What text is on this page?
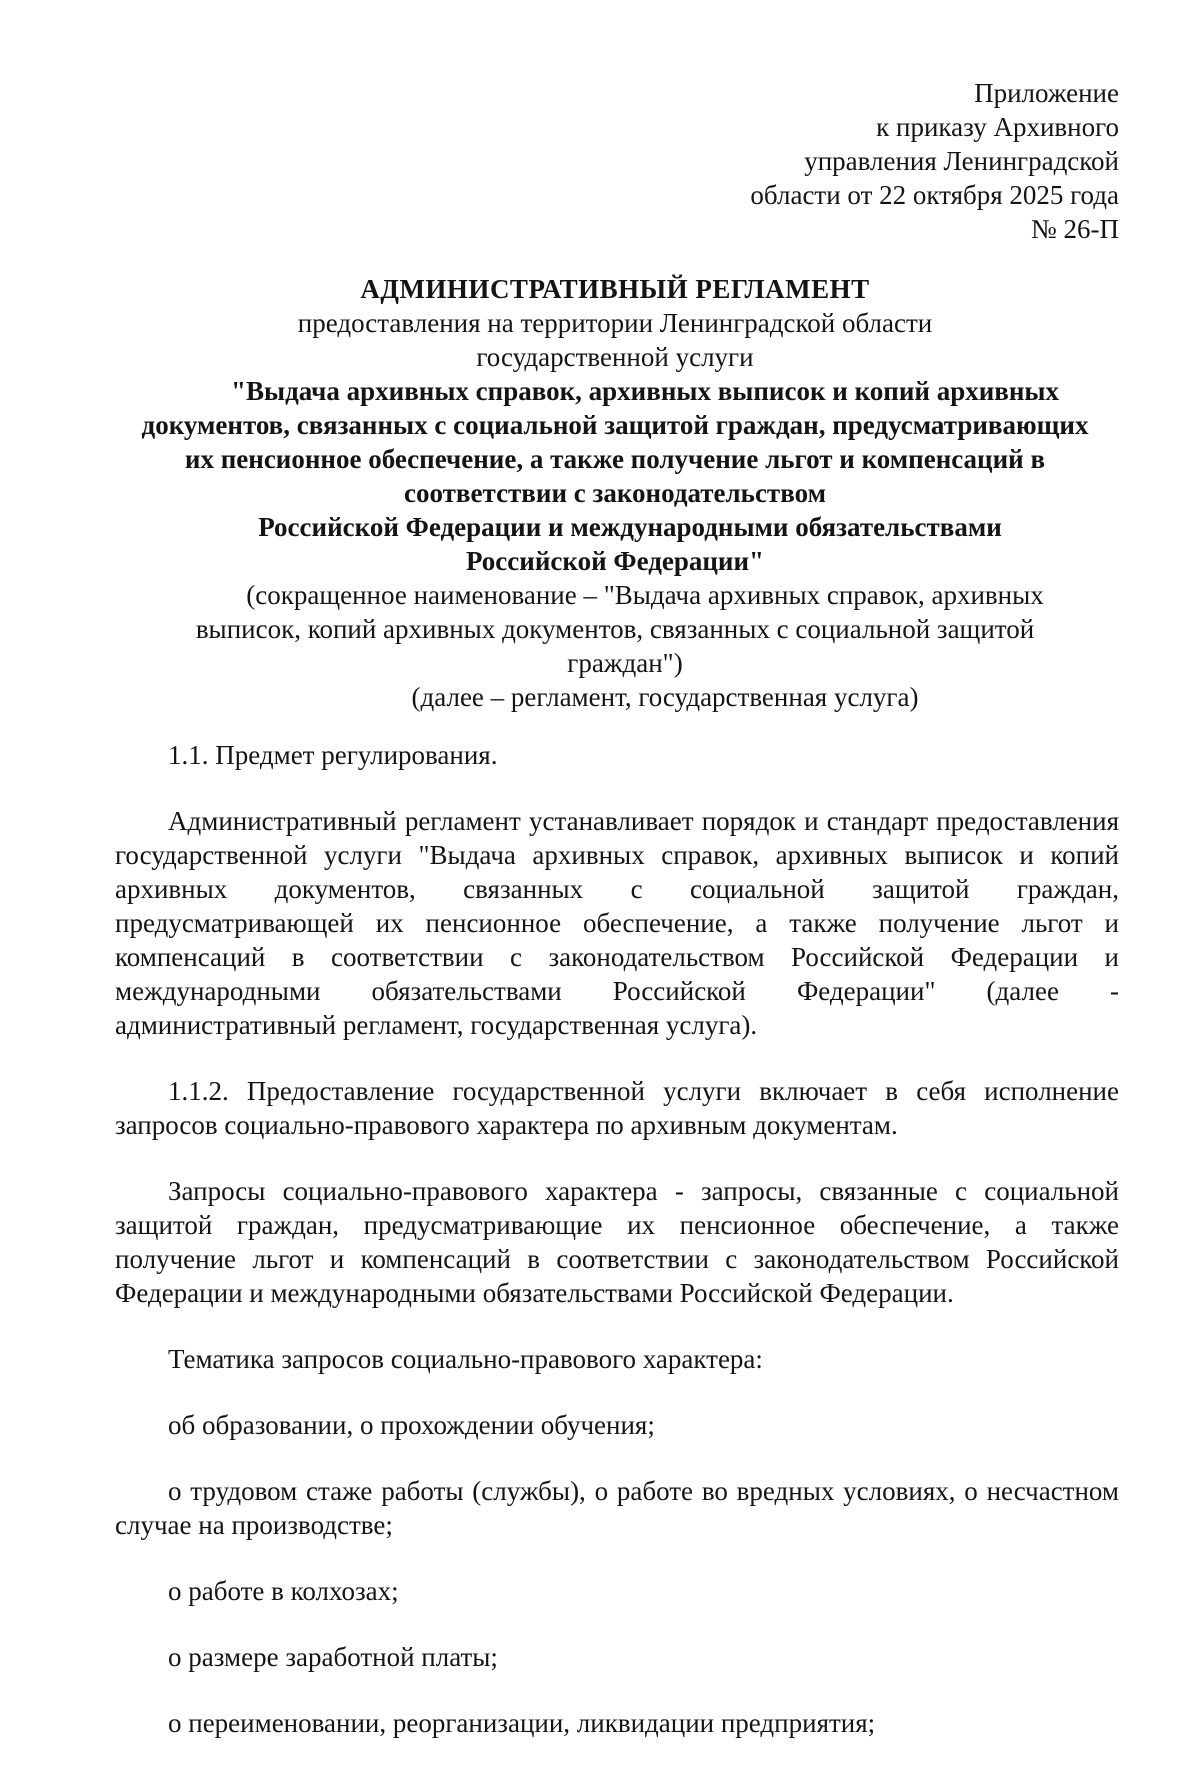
Приложение
к приказу Архивного
управления Ленинградской
области от 22 октября 2025 года
№ 26-П
АДМИНИСТРАТИВНЫЙ РЕГЛАМЕНТ
предоставления на территории Ленинградской области
государственной услуги
"Выдача архивных справок, архивных выписок и копий архивных
документов, связанных с социальной защитой граждан, предусматривающих
их пенсионное обеспечение, а также получение льгот и компенсаций в
соответствии с законодательством
Российской Федерации и международными обязательствами
Российской Федерации"
(сокращенное наименование – "Выдача архивных справок, архивных
выписок, копий архивных документов, связанных с социальной защитой
граждан")
(далее – регламент, государственная услуга)

1.1. Предмет регулирования.

Административный регламент устанавливает порядок и стандарт предоставления государственной услуги "Выдача архивных справок, архивных выписок и копий архивных документов, связанных с социальной защитой граждан, предусматривающей их пенсионное обеспечение, а также получение льгот и компенсаций в соответствии с законодательством Российской Федерации и международными обязательствами Российской Федерации" (далее - административный регламент, государственная услуга).

1.1.2. Предоставление государственной услуги включает в себя исполнение запросов социально-правового характера по архивным документам.

Запросы социально-правового характера - запросы, связанные с социальной защитой граждан, предусматривающие их пенсионное обеспечение, а также получение льгот и компенсаций в соответствии с законодательством Российской Федерации и международными обязательствами Российской Федерации.

Тематика запросов социально-правового характера:

об образовании, о прохождении обучения;

о трудовом стаже работы (службы), о работе во вредных условиях, о несчастном случае на производстве;

о работе в колхозах;

о размере заработной платы;

о переименовании, реорганизации, ликвидации предприятия;
